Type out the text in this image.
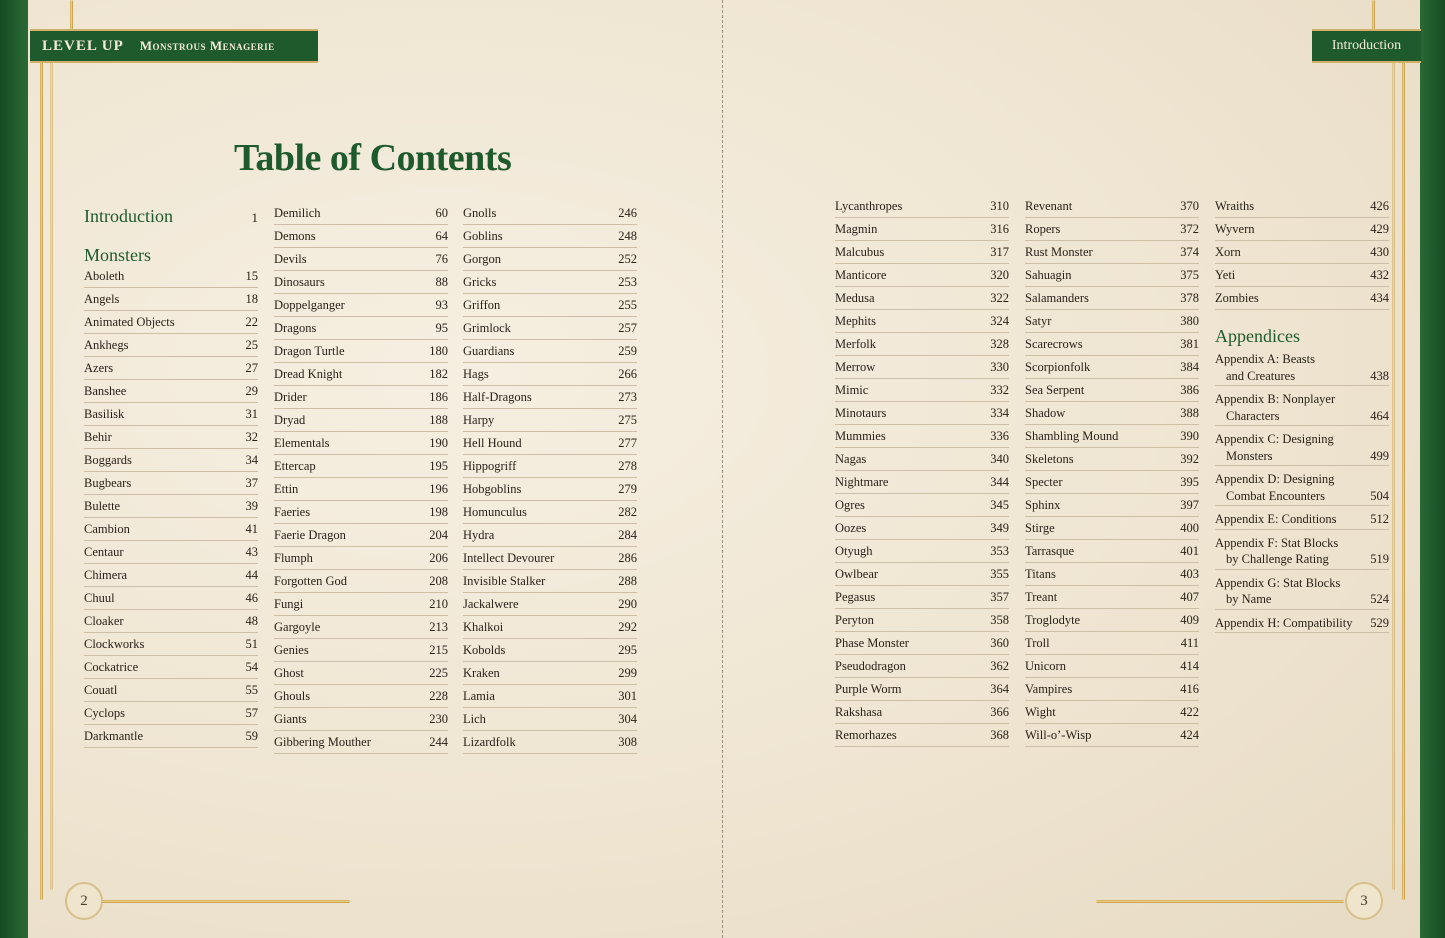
LEVEL UP Monstrous Menagerie	Introduction
Table of Contents
Introduction	1
Monsters
Aboleth	15
Angels	18
Animated Objects	22
Ankhegs	25
Azers	27
Banshee	29
Basilisk	31
Behir	32
Boggards	34
Bugbears	37
Bulette	39
Cambion	41
Centaur	43
Chimera	44
Chuul	46
Cloaker	48
Clockworks	51
Cockatrice	54
Couatl	55
Cyclops	57
Darkmantle	59
Demilich	60
Demons	64
Devils	76
Dinosaurs	88
Doppelganger	93
Dragons	95
Dragon Turtle	180
Dread Knight	182
Drider	186
Dryad	188
Elementals	190
Ettercap	195
Ettin	196
Faeries	198
Faerie Dragon	204
Flumph	206
Forgotten God	208
Fungi	210
Gargoyle	213
Genies	215
Ghost	225
Ghouls	228
Giants	230
Gibbering Mouther	244
Gnolls	246
Goblins	248
Gorgon	252
Gricks	253
Griffon	255
Grimlock	257
Guardians	259
Hags	266
Half-Dragons	273
Harpy	275
Hell Hound	277
Hippogriff	278
Hobgoblins	279
Homunculus	282
Hydra	284
Intellect Devourer	286
Invisible Stalker	288
Jackalwere	290
Khalkoi	292
Kobolds	295
Kraken	299
Lamia	301
Lich	304
Lizardfolk	308
Lycanthropes	310
Magmin	316
Malcubus	317
Manticore	320
Medusa	322
Mephits	324
Merfolk	328
Merrow	330
Mimic	332
Minotaurs	334
Mummies	336
Nagas	340
Nightmare	344
Ogres	345
Oozes	349
Otyugh	353
Owlbear	355
Pegasus	357
Peryton	358
Phase Monster	360
Pseudodragon	362
Purple Worm	364
Rakshasa	366
Remorhazes	368
Revenant	370
Ropers	372
Rust Monster	374
Sahuagin	375
Salamanders	378
Satyr	380
Scarecrows	381
Scorpionfolk	384
Sea Serpent	386
Shadow	388
Shambling Mound	390
Skeletons	392
Specter	395
Sphinx	397
Stirge	400
Tarrasque	401
Titans	403
Treant	407
Troglodyte	409
Troll	411
Unicorn	414
Vampires	416
Wight	422
Will-o’-Wisp	424
Wraiths	426
Wyvern	429
Xorn	430
Yeti	432
Zombies	434
Appendices
Appendix A: Beasts
and Creatures	438
Appendix B: Nonplayer
Characters	464
Appendix C: Designing
Monsters	499
Appendix D: Designing
Combat Encounters	504
Appendix E: Conditions	512
Appendix F: Stat Blocks
by Challenge Rating	519
Appendix G: Stat Blocks
by Name	524
Appendix H: Compatibility	529
2	3
